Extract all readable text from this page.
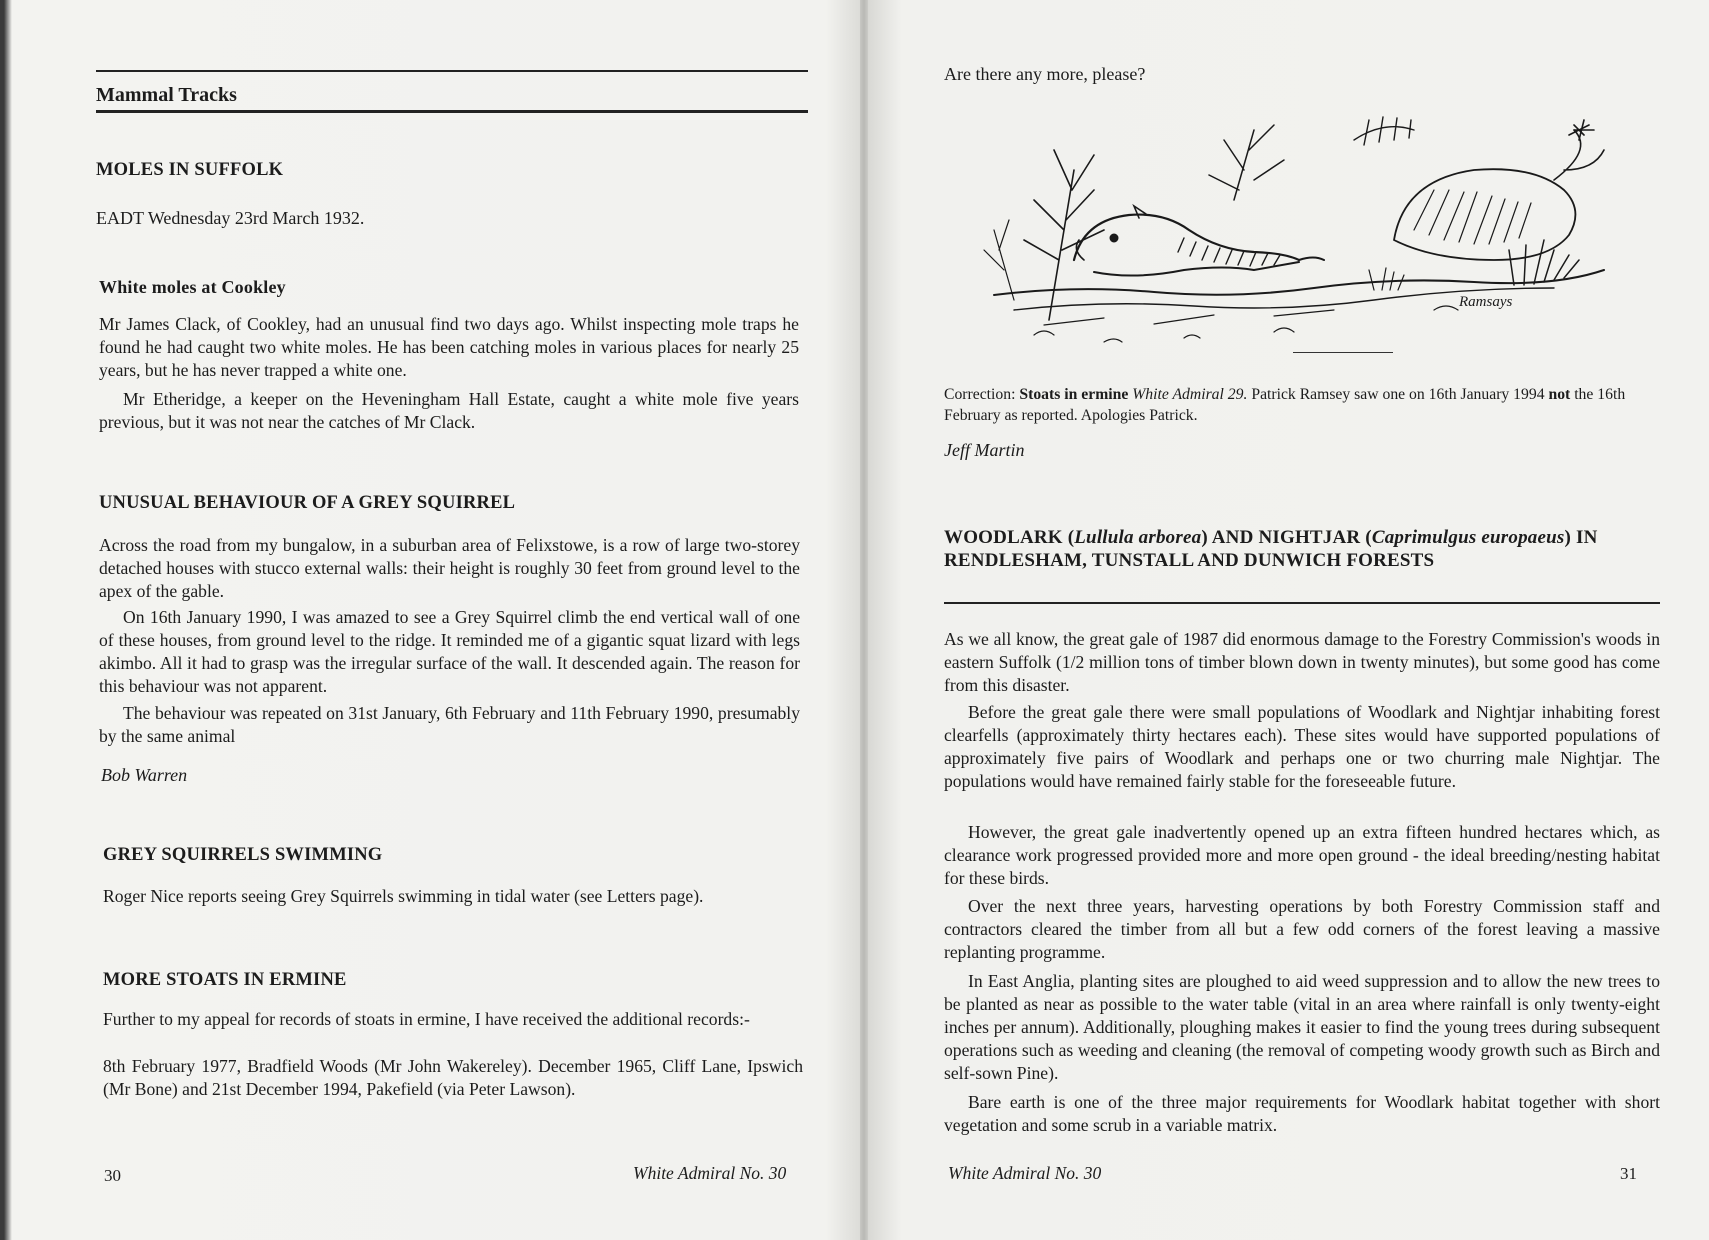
Mammal Tracks
MOLES IN SUFFOLK
EADT Wednesday 23rd March 1932.
White moles at Cookley

Mr James Clack, of Cookley, had an unusual find two days ago. Whilst inspecting mole traps he found he had caught two white moles. He has been catching moles in various places for nearly 25 years, but he has never trapped a white one.

Mr Etheridge, a keeper on the Heveningham Hall Estate, caught a white mole five years previous, but it was not near the catches of Mr Clack.

UNUSUAL BEHAVIOUR OF A GREY SQUIRREL

Across the road from my bungalow, in a suburban area of Felixstowe, is a row of large two-storey detached houses with stucco external walls: their height is roughly 30 feet from ground level to the apex of the gable.

On 16th January 1990, I was amazed to see a Grey Squirrel climb the end vertical wall of one of these houses, from ground level to the ridge. It reminded me of a gigantic squat lizard with legs akimbo. All it had to grasp was the irregular surface of the wall. It descended again. The reason for this behaviour was not apparent.

The behaviour was repeated on 31st January, 6th February and 11th February 1990, presumably by the same animal

Bob Warren
GREY SQUIRRELS SWIMMING

Roger Nice reports seeing Grey Squirrels swimming in tidal water (see Letters page).

MORE STOATS IN ERMINE

Further to my appeal for records of stoats in ermine, I have received the additional records:-

8th February 1977, Bradfield Woods (Mr John Wakereley). December 1965, Cliff Lane, Ipswich (Mr Bone) and 21st December 1994, Pakefield (via Peter Lawson).

30	White Admiral No. 30
Are there any more, please?
Ramsays

Correction: Stoats in ermine White Admiral 29. Patrick Ramsey saw one on 16th January 1994 not the 16th February as reported. Apologies Patrick.

Jeff Martin
WOODLARK (Lullula arborea) AND NIGHTJAR (Caprimulgus europaeus) IN RENDLESHAM, TUNSTALL AND DUNWICH FORESTS

As we all know, the great gale of 1987 did enormous damage to the Forestry Commission's woods in eastern Suffolk (1/2 million tons of timber blown down in twenty minutes), but some good has come from this disaster.

Before the great gale there were small populations of Woodlark and Nightjar inhabiting forest clearfells (approximately thirty hectares each). These sites would have supported populations of approximately five pairs of Woodlark and perhaps one or two churring male Nightjar. The populations would have remained fairly stable for the foreseeable future.

However, the great gale inadvertently opened up an extra fifteen hundred hectares which, as clearance work progressed provided more and more open ground - the ideal breeding/nesting habitat for these birds.

Over the next three years, harvesting operations by both Forestry Commission staff and contractors cleared the timber from all but a few odd corners of the forest leaving a massive replanting programme.

In East Anglia, planting sites are ploughed to aid weed suppression and to allow the new trees to be planted as near as possible to the water table (vital in an area where rainfall is only twenty-eight inches per annum). Additionally, ploughing makes it easier to find the young trees during subsequent operations such as weeding and cleaning (the removal of competing woody growth such as Birch and self-sown Pine).

Bare earth is one of the three major requirements for Woodlark habitat together with short vegetation and some scrub in a variable matrix.

White Admiral No. 30	31
